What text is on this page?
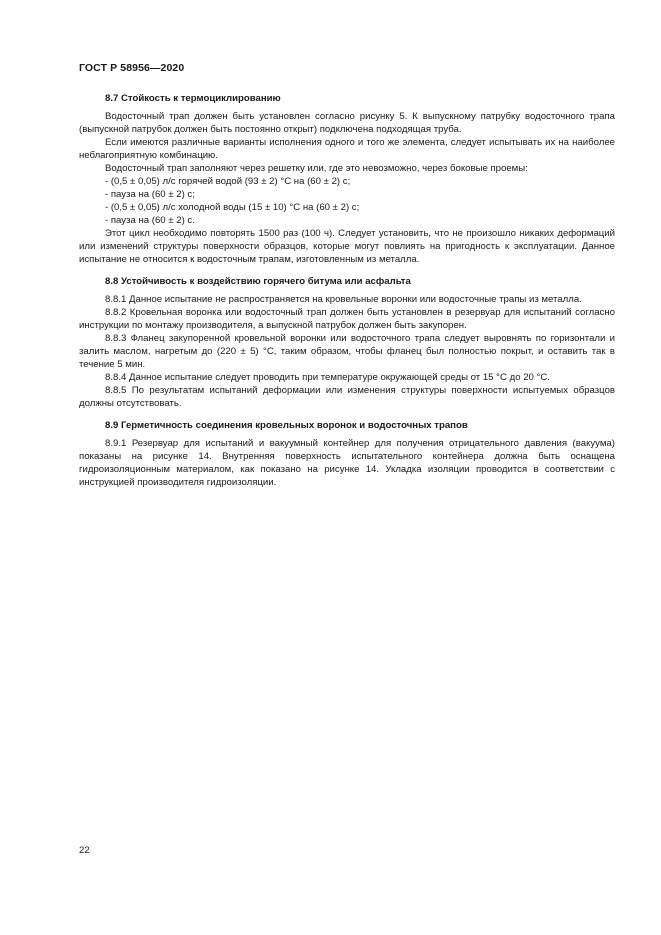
ГОСТ Р 58956—2020
8.7 Стойкость к термоциклированию

Водосточный трап должен быть установлен согласно рисунку 5. К выпускному патрубку водосточного трапа (выпускной патрубок должен быть постоянно открыт) подключена подходящая труба.

Если имеются различные варианты исполнения одного и того же элемента, следует испытывать их на наиболее неблагоприятную комбинацию.

Водосточный трап заполняют через решетку или, где это невозможно, через боковые проемы:

- (0,5 ± 0,05) л/с горячей водой (93 ± 2) °С на (60 ± 2) с;
- пауза на (60 ± 2) с;
- (0,5 ± 0,05) л/с холодной воды (15 ± 10) °С на (60 ± 2) с;
- пауза на (60 ± 2) с.

Этот цикл необходимо повторять 1500 раз (100 ч). Следует установить, что не произошло никаких деформаций или изменений структуры поверхности образцов, которые могут повлиять на пригодность к эксплуатации. Данное испытание не относится к водосточным трапам, изготовленным из металла.

8.8 Устойчивость к воздействию горячего битума или асфальта

8.8.1 Данное испытание не распространяется на кровельные воронки или водосточные трапы из металла.

8.8.2 Кровельная воронка или водосточный трап должен быть установлен в резервуар для испытаний согласно инструкции по монтажу производителя, а выпускной патрубок должен быть закупорен.

8.8.3 Фланец закупоренной кровельной воронки или водосточного трапа следует выровнять по горизонтали и залить маслом, нагретым до (220 ± 5) °С, таким образом, чтобы фланец был полностью покрыт, и оставить так в течение 5 мин.

8.8.4 Данное испытание следует проводить при температуре окружающей среды от 15 °С до 20 °С.

8.8.5 По результатам испытаний деформации или изменения структуры поверхности испытуемых образцов должны отсутствовать.

8.9 Герметичность соединения кровельных воронок и водосточных трапов

8.9.1 Резервуар для испытаний и вакуумный контейнер для получения отрицательного давления (вакуума) показаны на рисунке 14. Внутренняя поверхность испытательного контейнера должна быть оснащена гидроизоляционным материалом, как показано на рисунке 14. Укладка изоляции проводится в соответствии с инструкцией производителя гидроизоляции.

22
